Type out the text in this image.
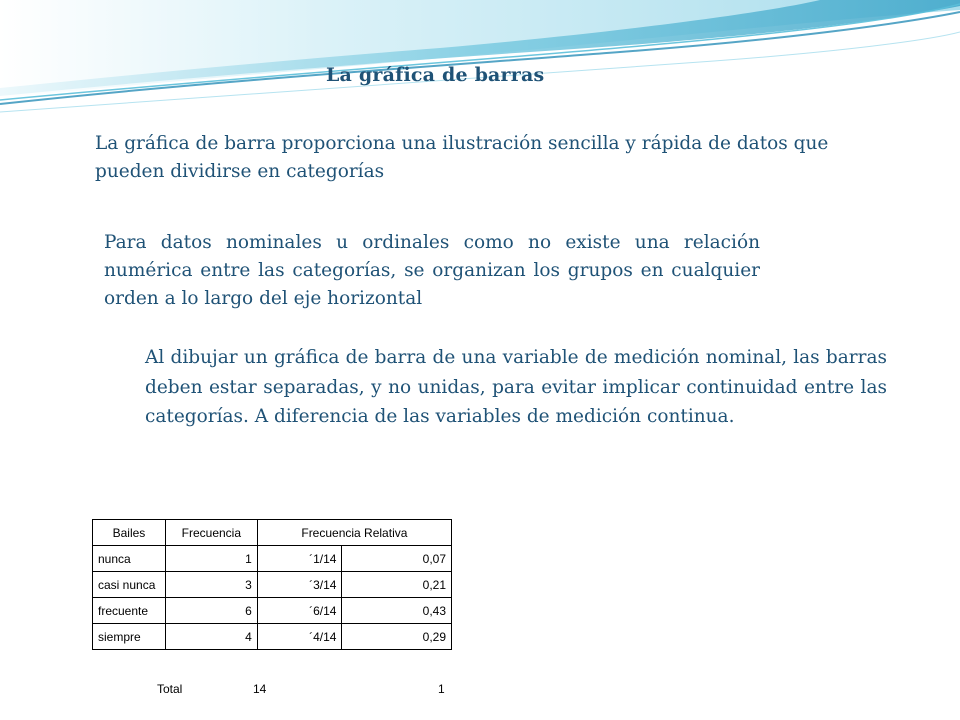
La gráfica de barras
La gráfica de barra proporciona una ilustración sencilla y rápida de datos que pueden dividirse en categorías
Para datos nominales u ordinales como no existe una relación numérica entre las categorías, se organizan los grupos en cualquier orden a lo largo del eje horizontal
Al dibujar un gráfica de barra de una variable de medición nominal, las barras deben estar separadas, y no unidas, para evitar implicar continuidad entre las categorías. A diferencia de las variables de medición continua.
Bailes	Frecuencia	Frecuencia Relativa	
nunca	1	´1/14	0,07
casi nunca	3	´3/14	0,21
frecuente	6	´6/14	0,43
siempre	4	´4/14	0,29
Total	14	1
